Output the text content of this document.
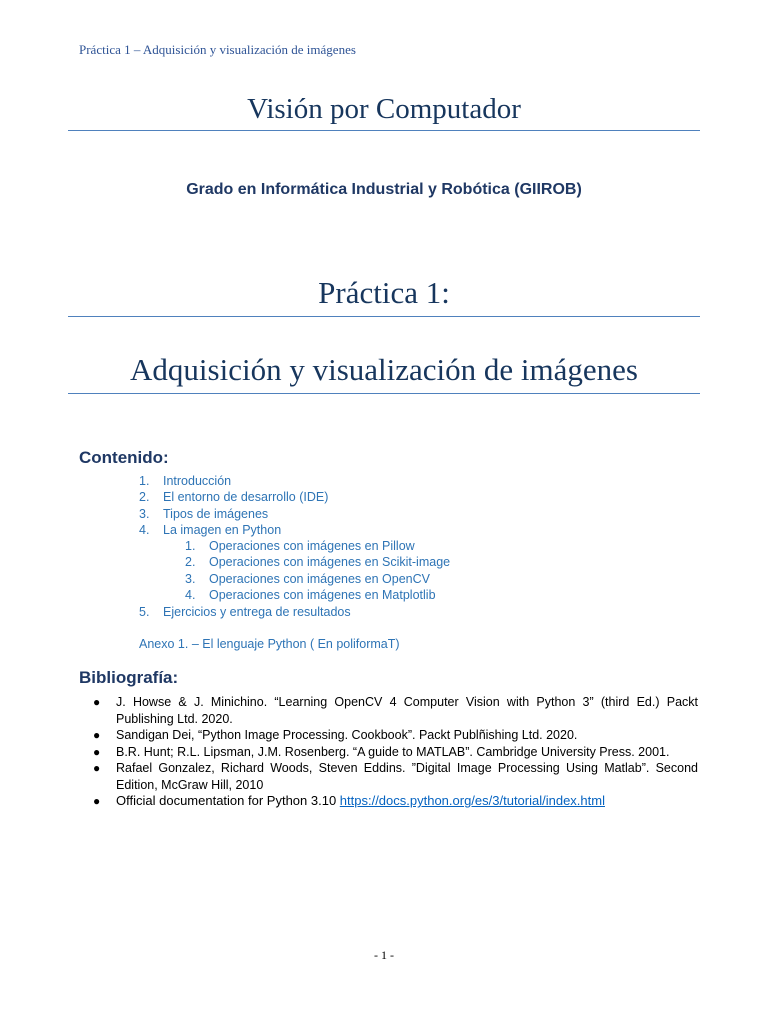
Práctica 1 – Adquisición y visualización de imágenes
Visión por Computador
Grado en Informática Industrial y Robótica (GIIROB)
Práctica 1:
Adquisición y visualización de imágenes
Contenido:
1. Introducción
2. El entorno de desarrollo (IDE)
3. Tipos de imágenes
4. La imagen en Python
1. Operaciones con imágenes en Pillow
2. Operaciones con imágenes en Scikit-image
3. Operaciones con imágenes en OpenCV
4. Operaciones con imágenes en Matplotlib
5. Ejercicios y entrega de resultados
Anexo 1. – El lenguaje Python ( En poliformaT)
Bibliografía:
● J. Howse & J. Minichino. “Learning OpenCV 4 Computer Vision with Python 3” (third Ed.) Packt Publishing Ltd. 2020.
● Sandigan Dei, “Python Image Processing. Cookbook”. Packt Publñishing Ltd. 2020.
● B.R. Hunt; R.L. Lipsman, J.M. Rosenberg. “A guide to MATLAB”. Cambridge University Press. 2001.
● Rafael Gonzalez, Richard Woods, Steven Eddins. ”Digital Image Processing Using Matlab”. Second Edition, McGraw Hill, 2010
● Official documentation for Python 3.10 https://docs.python.org/es/3/tutorial/index.html
- 1 -
